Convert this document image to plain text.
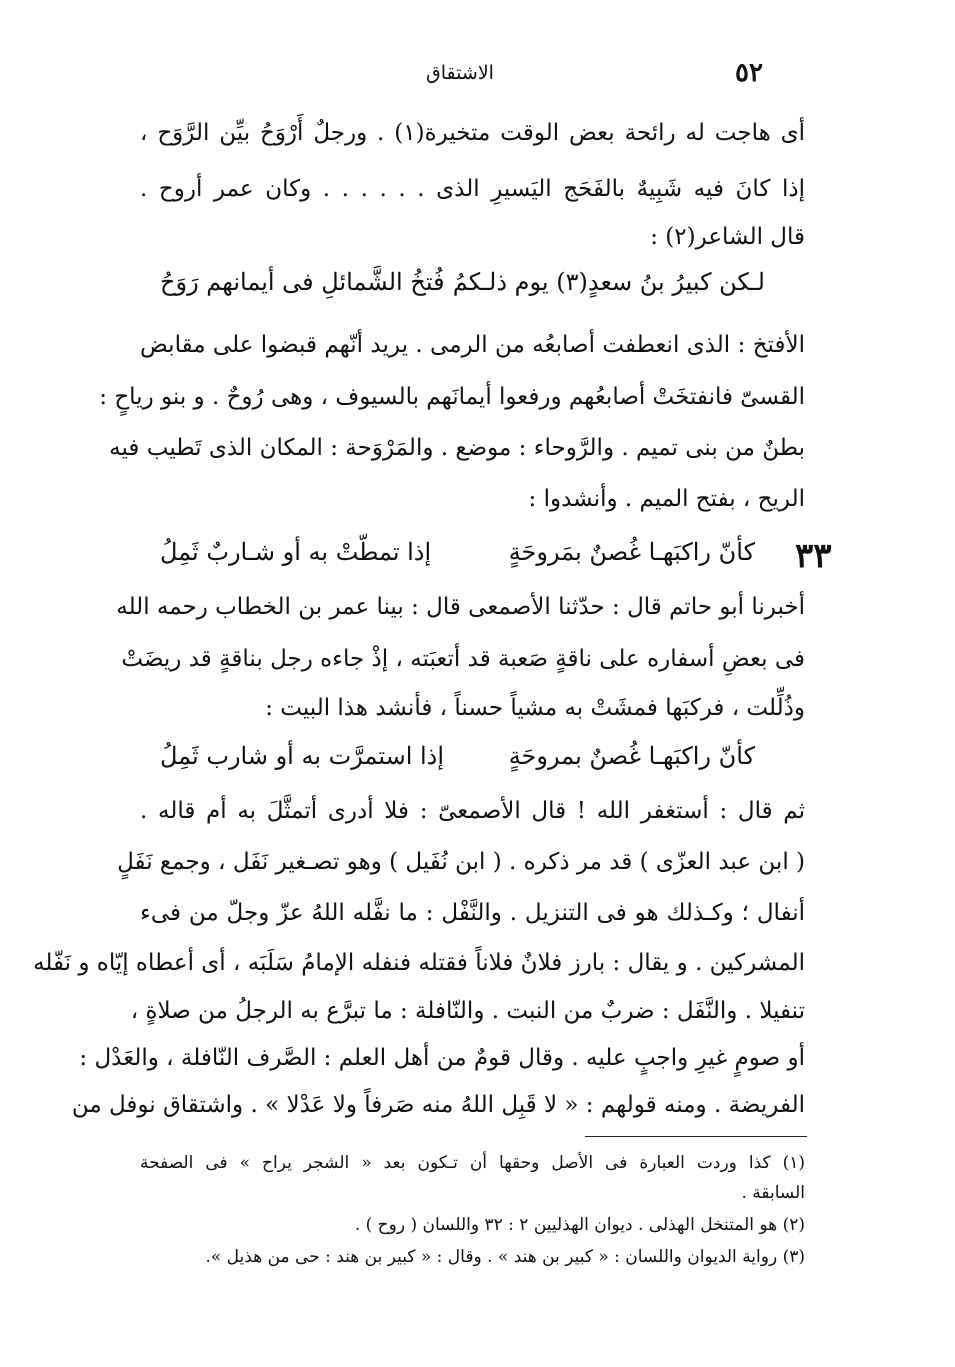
٥٢
الاشتقاق
أى هاجت له رائحة بعض الوقت متخيرة(١) . ورجلٌ أَرْوَحُ بيِّن الرَّوَح ،
إذا كانَ فيه شَبِيهٌ بالفَحَج اليَسيرِ الذى . . . . . . وكان عمر أروح .
قال الشاعر(٢) :
لـكن كبيرُ بنُ سعدٍ(٣) يوم ذلـكمُ
فُتخُ الشَّمائلِ فى أيمانهم رَوَحُ
الأفتخ : الذى انعطفت أصابعُه من الرمى . يريد أنّهم قبضوا على مقابض
القسىّ فانفتخَتْ أصابعُهم ورفعوا أيمانَهم بالسيوف ، وهى رُوحٌ . و بنو رياحٍ :
بطنٌ من بنى تميم . والرَّوحاء : موضع . والمَرْوَحة : المكان الذى تَطيب فيه
الريح ، بفتح الميم . وأنشدوا :
٣٣
كأنّ راكبَهـا غُصنٌ بمَروحَةٍ
إذا تمطّتْ به أو شـاربٌ ثَمِلُ
أخبرنا أبو حاتم قال : حدّثنا الأصمعى قال : بينا عمر بن الخطاب رحمه الله
فى بعضِ أسفاره على ناقةٍ صَعبة قد أتعبَته ، إذْ جاءه رجل بناقةٍ قد ريضَتْ
وذُلِّلت ، فركبَها فمشَتْ به مشياً حسناً ، فأنشد هذا البيت :
كأنّ راكبَهـا غُصنٌ بمروحَةٍ
إذا استمرَّت به أو شارب ثَمِلُ
ثم قال : أستغفر الله ! قال الأصمعىّ : فلا أدرى أتمثَّلَ به أم قاله .
( ابن عبد العزّى ) قد مر ذكره . ( ابن نُفَيل ) وهو تصـغير نَفَل ، وجمع نَفَلٍ
أنفال ؛ وكـذلك هو فى التنزيل . والنَّفْل : ما نفَّله اللهُ عزّ وجلّ من فىء
المشركين . و يقال : بارز فلانٌ فلاناً فقتله فنفله الإمامُ سَلَبَه ، أى أعطاه إيّاه و نَفّله
تنفيلا . والنَّفَل : ضربٌ من النبت . والنّافلة : ما تبرَّع به الرجلُ من صلاةٍ ،
أو صومٍ غيرِ واجبٍ عليه . وقال قومٌ من أهل العلم : الصَّرف النّافلة ، والعَدْل :
الفريضة . ومنه قولهم : « لا قَبِل اللهُ منه صَرفاً ولا عَدْلا » . واشتقاق نوفل من
(١) كذا وردت العبارة فى الأصل وحقها أن تـكون بعد « الشجر يراح » فى الصفحة
السابقة .
(٢) هو المتنخل الهذلى . ديوان الهذليين ٢ : ٣٢ واللسان ( روح ) .
(٣) رواية الديوان واللسان : « كبير بن هند » . وقال : « كبير بن هند : حى من هذيل ».
